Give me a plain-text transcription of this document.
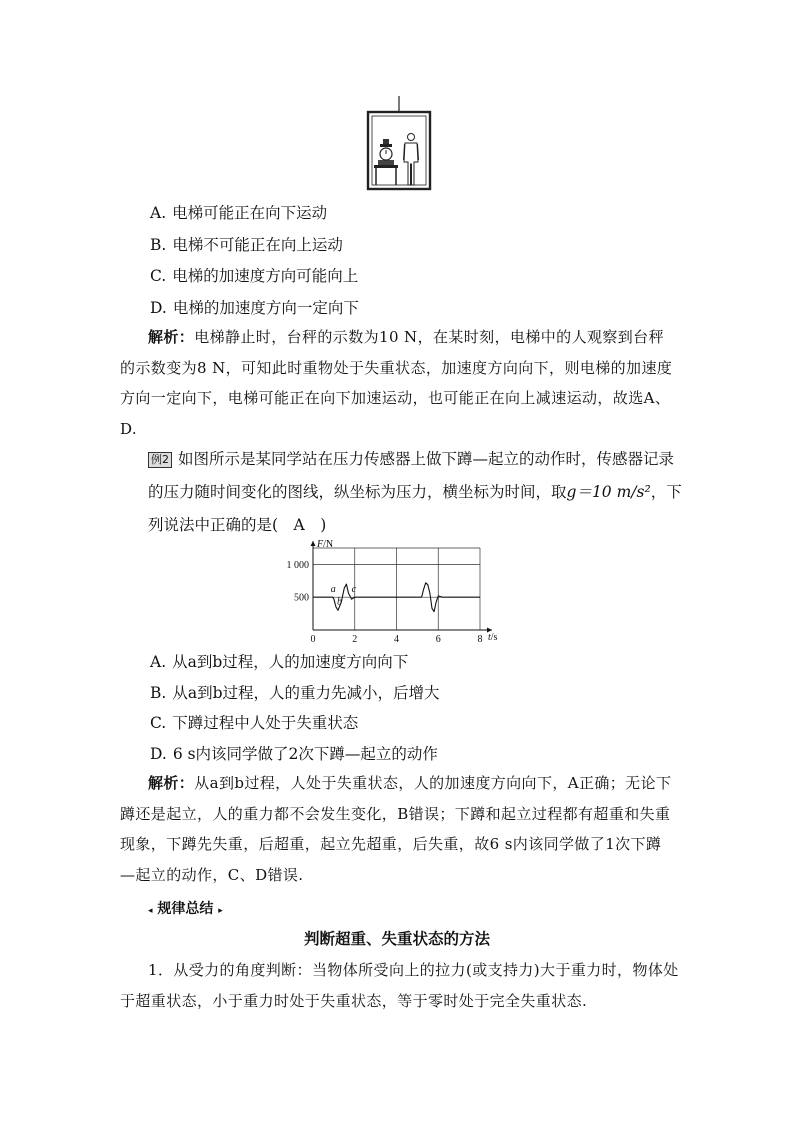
A. 电梯可能正在向下运动
B. 电梯不可能正在向上运动
C. 电梯的加速度方向可能向上
D. 电梯的加速度方向一定向下
解析：电梯静止时，台秤的示数为10 N，在某时刻，电梯中的人观察到台秤的示数变为8 N，可知此时重物处于失重状态，加速度方向向下，则电梯的加速度方向一定向下，电梯可能正在向下加速运动，也可能正在向上减速运动，故选A、D.
例2 如图所示是某同学站在压力传感器上做下蹲—起立的动作时，传感器记录的压力随时间变化的图线，纵坐标为压力，横坐标为时间，取g＝10 m/s²，下列说法中正确的是(　A　)
0	2	4	6	8
500
1 000
F/N
t/s
a
b
c
A. 从a到b过程，人的加速度方向向下
B. 从a到b过程，人的重力先减小，后增大
C. 下蹲过程中人处于失重状态
D. 6 s内该同学做了2次下蹲—起立的动作
解析：从a到b过程，人处于失重状态，人的加速度方向向下，A正确；无论下蹲还是起立，人的重力都不会发生变化，B错误；下蹲和起立过程都有超重和失重现象，下蹲先失重，后超重，起立先超重，后失重，故6 s内该同学做了1次下蹲—起立的动作，C、D错误.
◂ 规律总结 ▸
判断超重、失重状态的方法
1．从受力的角度判断：当物体所受向上的拉力(或支持力)大于重力时，物体处于超重状态，小于重力时处于失重状态，等于零时处于完全失重状态.
